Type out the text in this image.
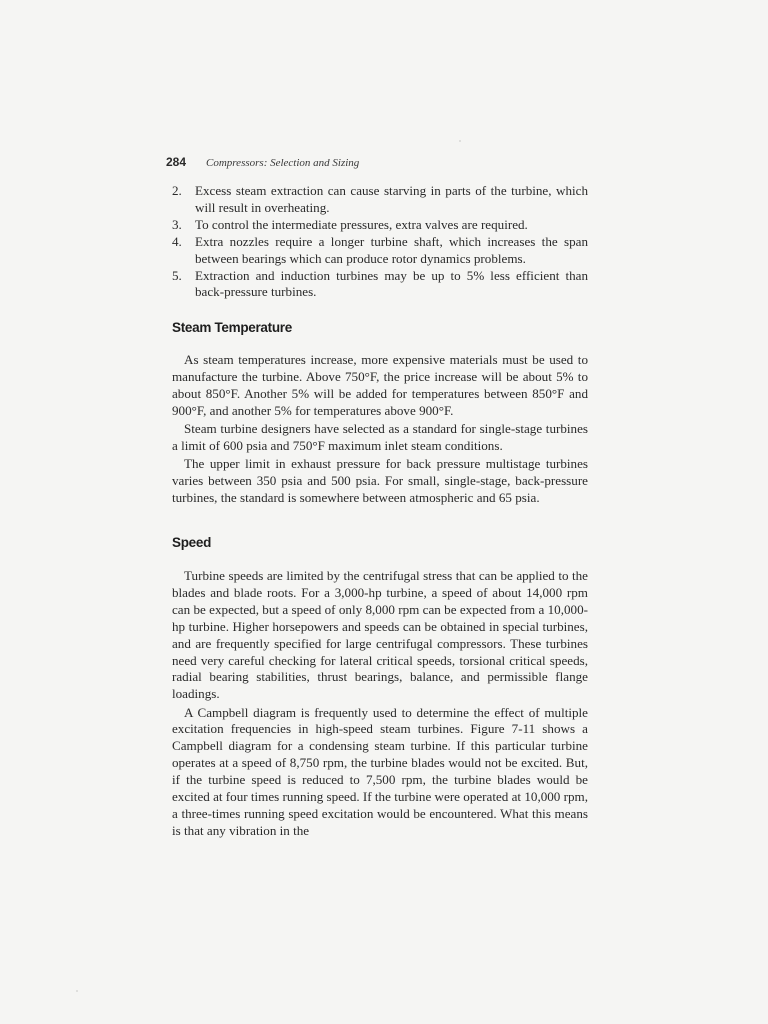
284 Compressors: Selection and Sizing
2. Excess steam extraction can cause starving in parts of the turbine, which will result in overheating.
3. To control the intermediate pressures, extra valves are required.
4. Extra nozzles require a longer turbine shaft, which increases the span between bearings which can produce rotor dynamics problems.
5. Extraction and induction turbines may be up to 5% less efficient than back-pressure turbines.
Steam Temperature

As steam temperatures increase, more expensive materials must be used to manufacture the turbine. Above 750°F, the price increase will be about 5% to about 850°F. Another 5% will be added for temperatures between 850°F and 900°F, and another 5% for temperatures above 900°F.

Steam turbine designers have selected as a standard for single-stage turbines a limit of 600 psia and 750°F maximum inlet steam conditions.

The upper limit in exhaust pressure for back pressure multistage turbines varies between 350 psia and 500 psia. For small, single-stage, back-pressure turbines, the standard is somewhere between atmospheric and 65 psia.

Speed

Turbine speeds are limited by the centrifugal stress that can be applied to the blades and blade roots. For a 3,000-hp turbine, a speed of about 14,000 rpm can be expected, but a speed of only 8,000 rpm can be expected from a 10,000-hp turbine. Higher horsepowers and speeds can be obtained in special turbines, and are frequently specified for large centrifugal compressors. These turbines need very careful checking for lateral critical speeds, torsional critical speeds, radial bearing stabilities, thrust bearings, balance, and permissible flange loadings.

A Campbell diagram is frequently used to determine the effect of multiple excitation frequencies in high-speed steam turbines. Figure 7-11 shows a Campbell diagram for a condensing steam turbine. If this particular turbine operates at a speed of 8,750 rpm, the turbine blades would not be excited. But, if the turbine speed is reduced to 7,500 rpm, the turbine blades would be excited at four times running speed. If the turbine were operated at 10,000 rpm, a three-times running speed excitation would be encountered. What this means is that any vibration in the
